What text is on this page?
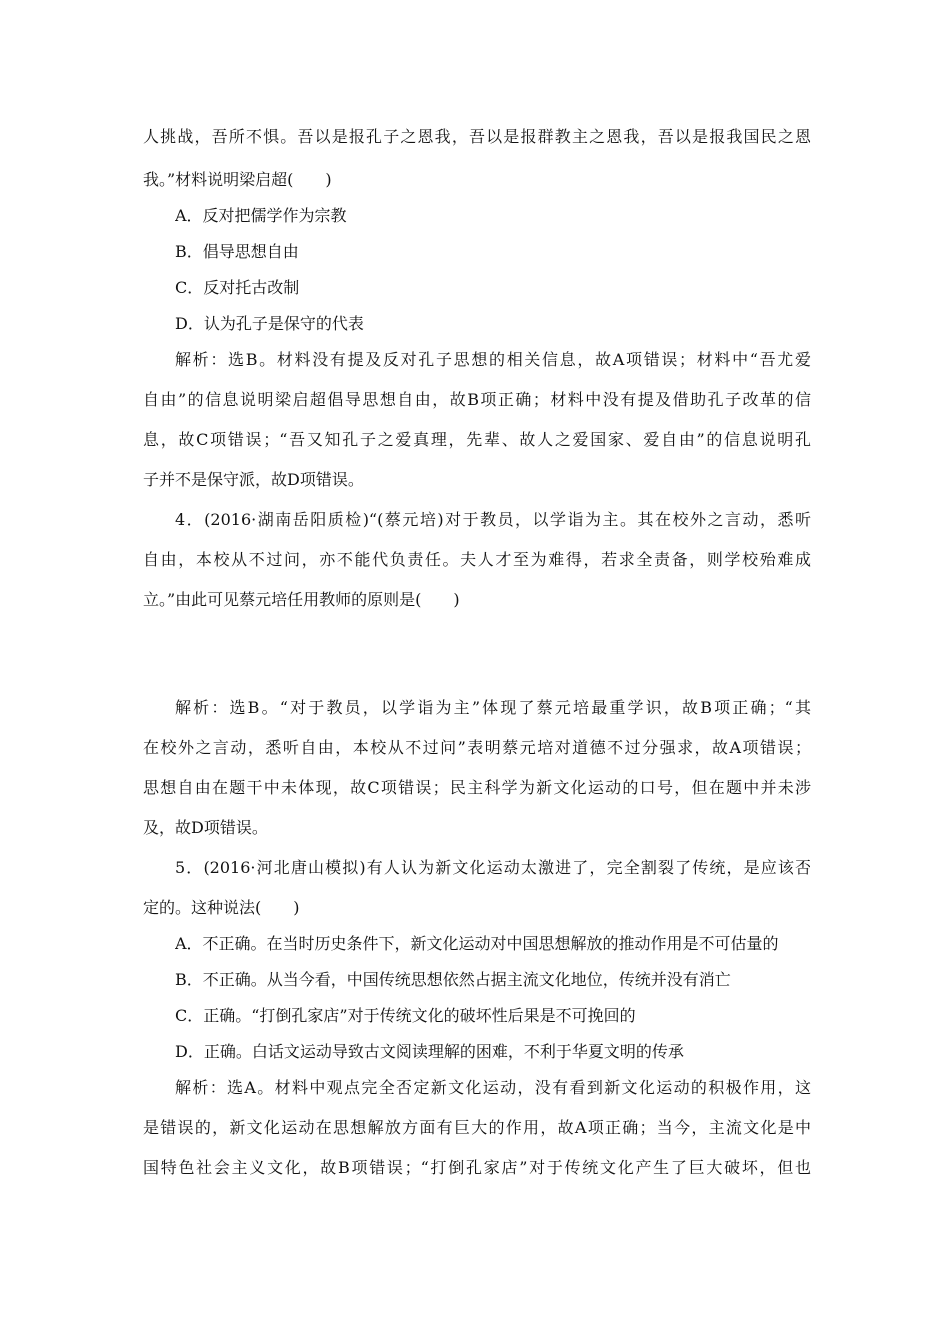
人挑战，吾所不惧。吾以是报孔子之恩我，吾以是报群教主之恩我，吾以是报我国民之恩
我。”材料说明梁启超(　　)
A．反对把儒学作为宗教
B．倡导思想自由
C．反对托古改制
D．认为孔子是保守的代表
解析：选B。材料没有提及反对孔子思想的相关信息，故A项错误；材料中“吾尤爱
自由”的信息说明梁启超倡导思想自由，故B项正确；材料中没有提及借助孔子改革的信
息，故C项错误；“吾又知孔子之爱真理，先辈、故人之爱国家、爱自由”的信息说明孔
子并不是保守派，故D项错误。
4．(2016·湖南岳阳质检)“(蔡元培)对于教员，以学诣为主。其在校外之言动，悉听
自由，本校从不过问，亦不能代负责任。夫人才至为难得，若求全责备，则学校殆难成
立。”由此可见蔡元培任用教师的原则是(　　)
解析：选B。“对于教员，以学诣为主”体现了蔡元培最重学识，故B项正确；“其
在校外之言动，悉听自由，本校从不过问”表明蔡元培对道德不过分强求，故A项错误；
思想自由在题干中未体现，故C项错误；民主科学为新文化运动的口号，但在题中并未涉
及，故D项错误。
5．(2016·河北唐山模拟)有人认为新文化运动太激进了，完全割裂了传统，是应该否
定的。这种说法(　　)
A．不正确。在当时历史条件下，新文化运动对中国思想解放的推动作用是不可估量的
B．不正确。从当今看，中国传统思想依然占据主流文化地位，传统并没有消亡
C．正确。“打倒孔家店”对于传统文化的破坏性后果是不可挽回的
D．正确。白话文运动导致古文阅读理解的困难，不利于华夏文明的传承
解析：选A。材料中观点完全否定新文化运动，没有看到新文化运动的积极作用，这
是错误的，新文化运动在思想解放方面有巨大的作用，故A项正确；当今，主流文化是中
国特色社会主义文化，故B项错误；“打倒孔家店”对于传统文化产生了巨大破坏，但也
